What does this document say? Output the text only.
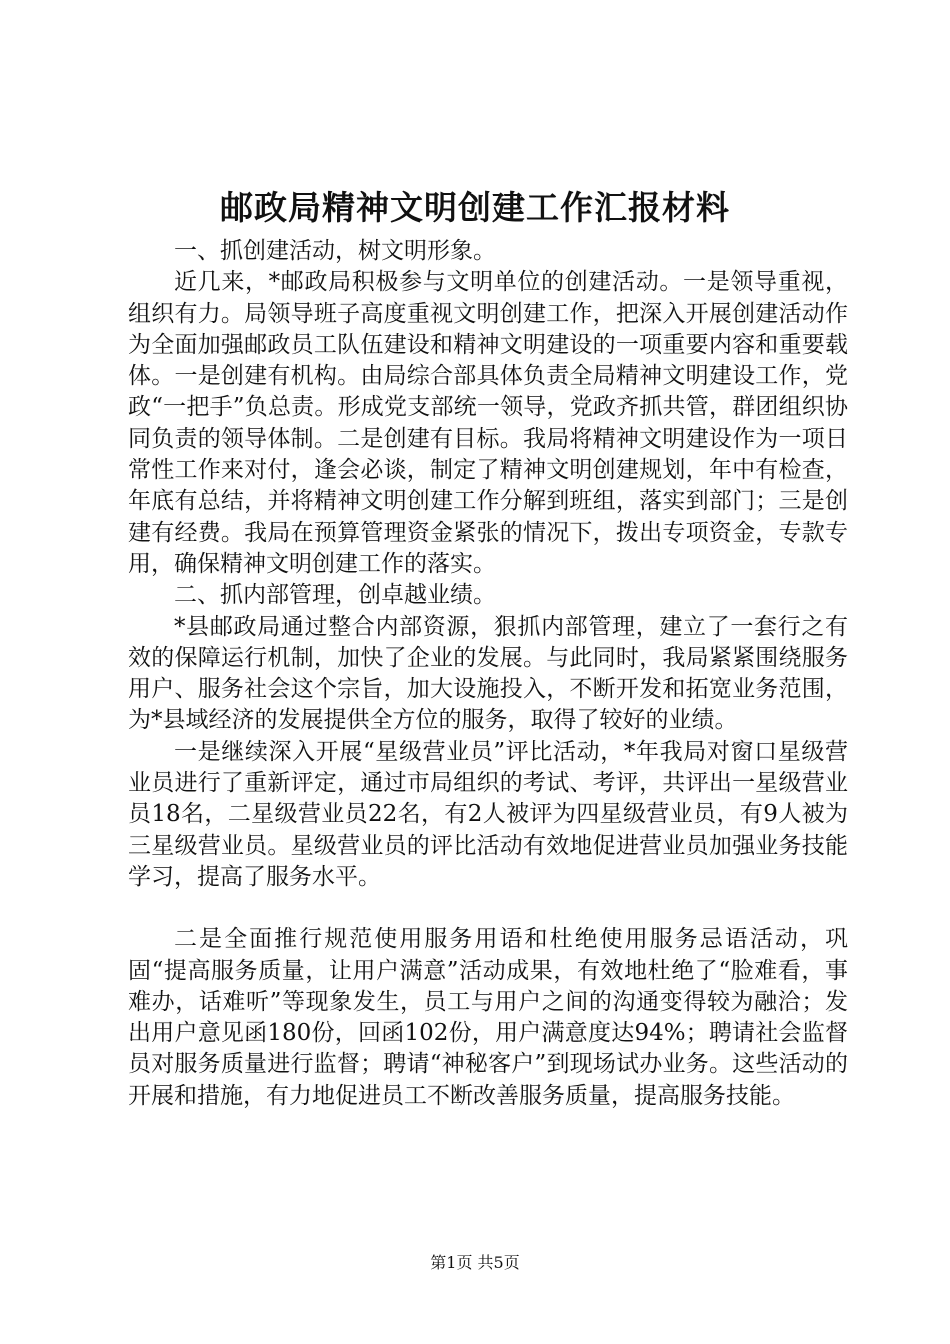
邮政局精神文明创建工作汇报材料

一、抓创建活动，树文明形象。

近几来，*邮政局积极参与文明单位的创建活动。一是领导重视，组织有力。局领导班子高度重视文明创建工作，把深入开展创建活动作为全面加强邮政员工队伍建设和精神文明建设的一项重要内容和重要载体。一是创建有机构。由局综合部具体负责全局精神文明建设工作，党政“一把手”负总责。形成党支部统一领导，党政齐抓共管，群团组织协同负责的领导体制。二是创建有目标。我局将精神文明建设作为一项日常性工作来对付，逢会必谈，制定了精神文明创建规划，年中有检查，年底有总结，并将精神文明创建工作分解到班组，落实到部门；三是创建有经费。我局在预算管理资金紧张的情况下，拨出专项资金，专款专用，确保精神文明创建工作的落实。

二、抓内部管理，创卓越业绩。

*县邮政局通过整合内部资源，狠抓内部管理，建立了一套行之有效的保障运行机制，加快了企业的发展。与此同时，我局紧紧围绕服务用户、服务社会这个宗旨，加大设施投入，不断开发和拓宽业务范围，为*县域经济的发展提供全方位的服务，取得了较好的业绩。

一是继续深入开展“星级营业员”评比活动，*年我局对窗口星级营业员进行了重新评定，通过市局组织的考试、考评，共评出一星级营业员18名，二星级营业员22名，有2人被评为四星级营业员，有9人被为三星级营业员。星级营业员的评比活动有效地促进营业员加强业务技能学习，提高了服务水平。

二是全面推行规范使用服务用语和杜绝使用服务忌语活动，巩固“提高服务质量，让用户满意”活动成果，有效地杜绝了“脸难看，事难办，话难听”等现象发生，员工与用户之间的沟通变得较为融洽；发出用户意见函180份，回函102份，用户满意度达94%；聘请社会监督员对服务质量进行监督；聘请“神秘客户”到现场试办业务。这些活动的开展和措施，有力地促进员工不断改善服务质量，提高服务技能。

第1页 共5页
